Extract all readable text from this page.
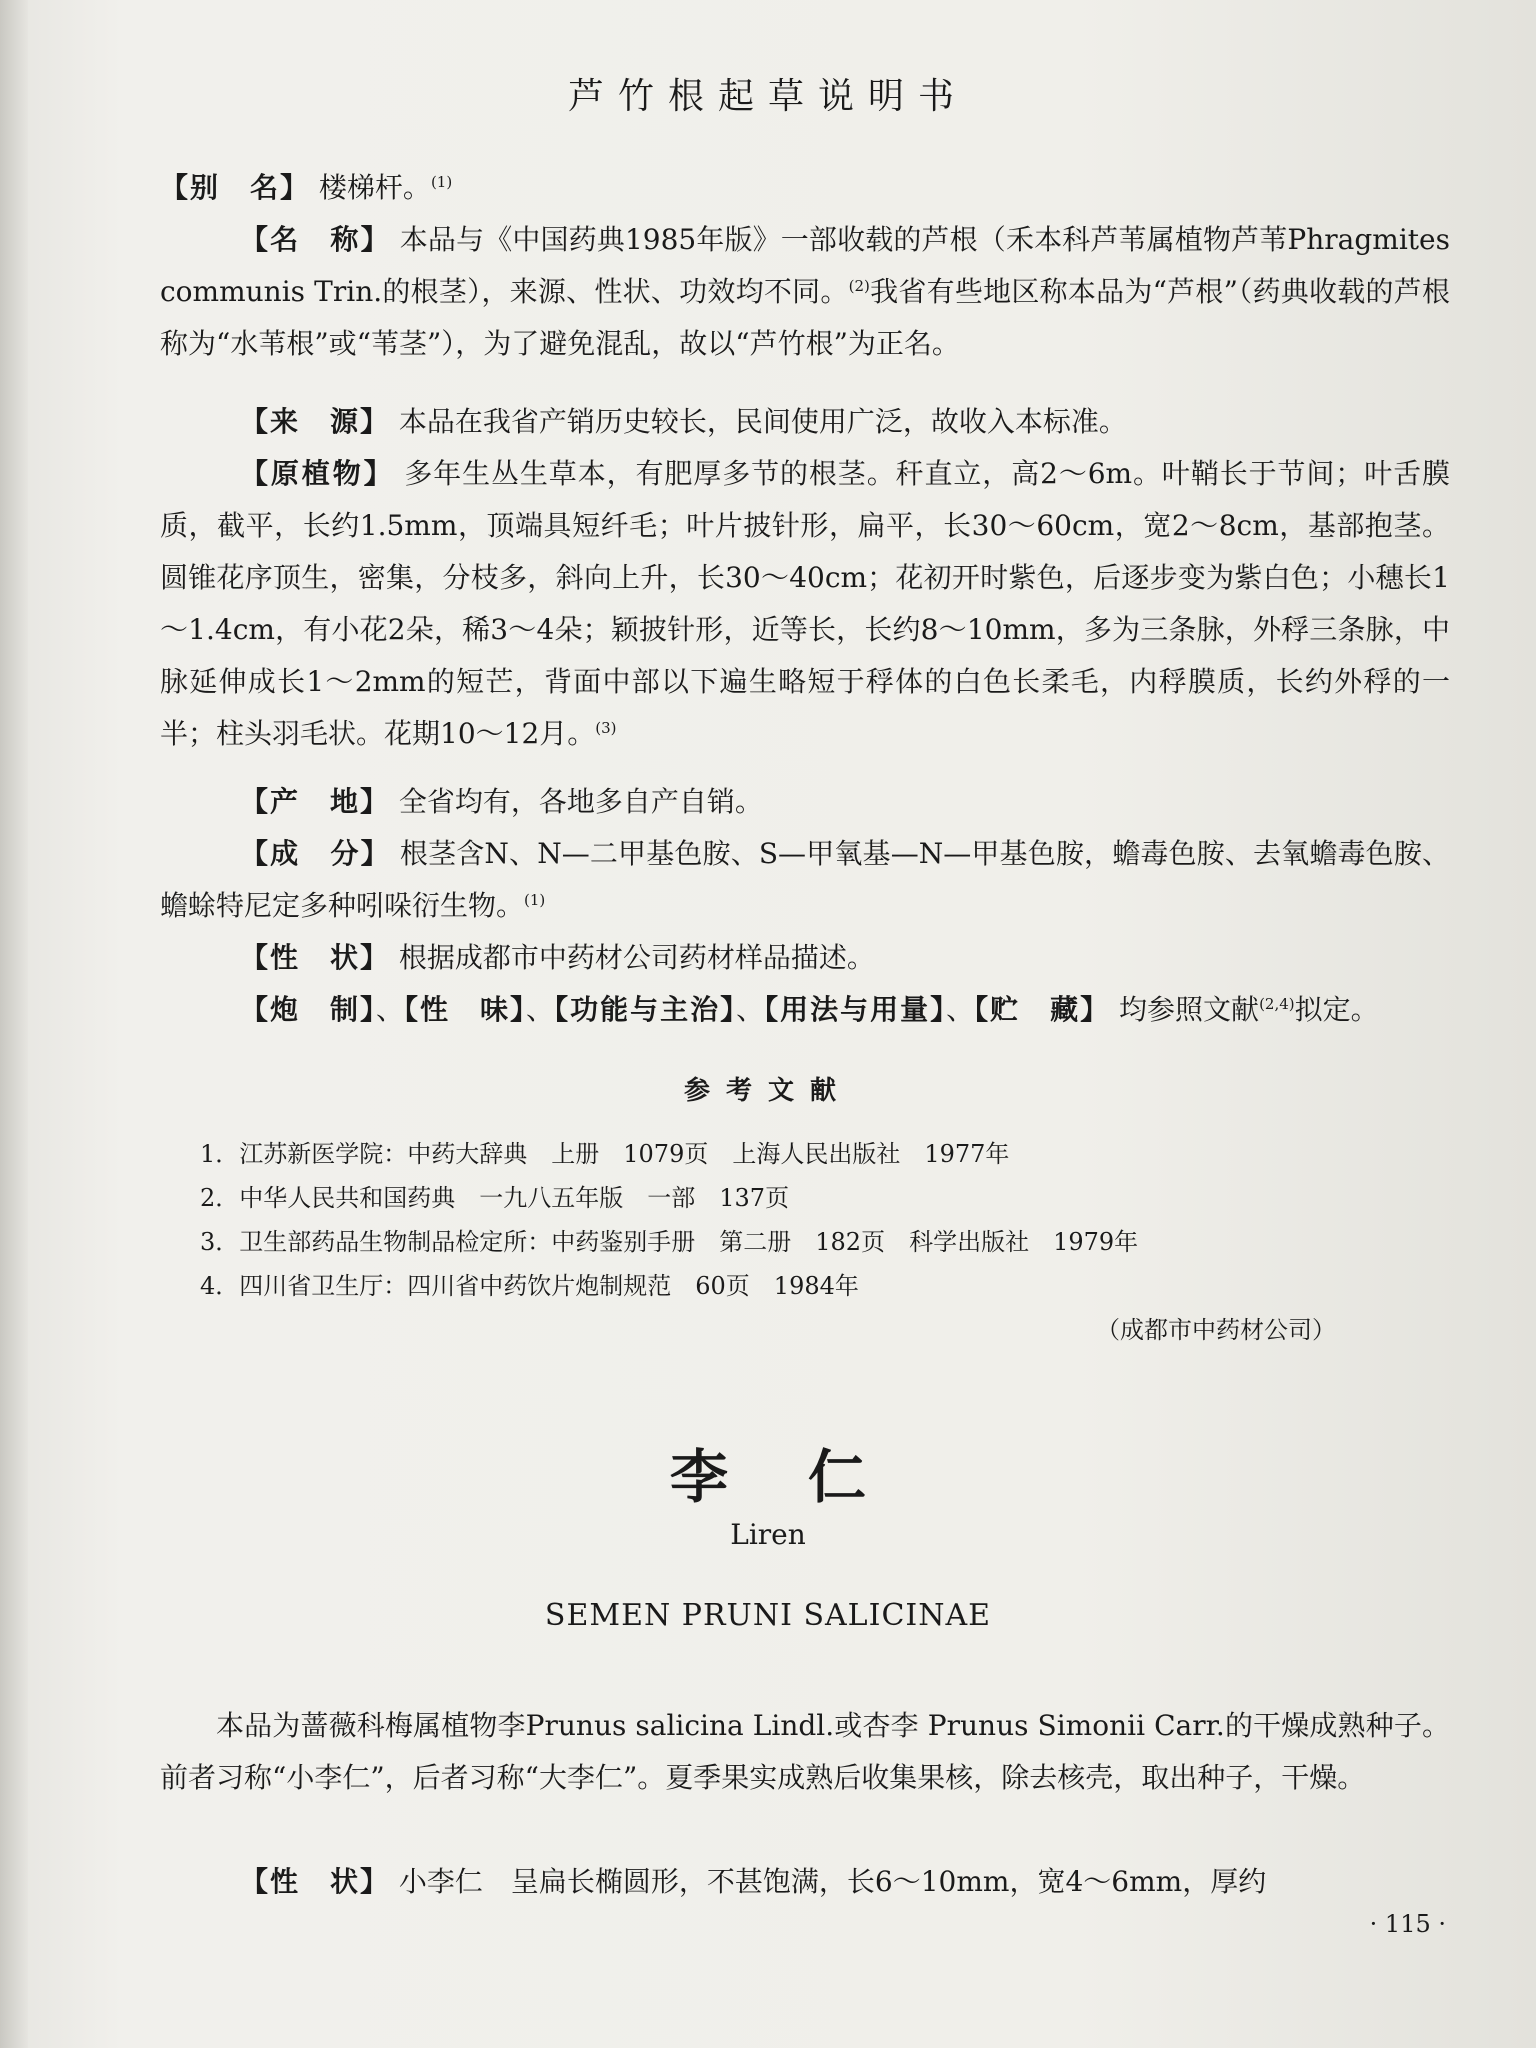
芦竹根起草说明书
【别　名】 楼梯杆。$^{(1)}$
【名　称】 本品与《中国药典1985年版》一部收载的芦根（禾本科芦苇属植物芦苇Phragmites communis Trin.的根茎），来源、性状、功效均不同。$^{(2)}$我省有些地区称本品为“芦根”（药典收载的芦根称为“水苇根”或“苇茎”），为了避免混乱，故以“芦竹根”为正名。
【来　源】 本品在我省产销历史较长，民间使用广泛，故收入本标准。
【原植物】 多年生丛生草本，有肥厚多节的根茎。秆直立，高2～6m。叶鞘长于节间；叶舌膜质，截平，长约1.5mm，顶端具短纤毛；叶片披针形，扁平，长30～60cm，宽2～8cm，基部抱茎。圆锥花序顶生，密集，分枝多，斜向上升，长30～40cm；花初开时紫色，后逐步变为紫白色；小穗长1～1.4cm，有小花2朵，稀3～4朵；颖披针形，近等长，长约8～10mm，多为三条脉，外稃三条脉，中脉延伸成长1～2mm的短芒，背面中部以下遍生略短于稃体的白色长柔毛，内稃膜质，长约外稃的一半；柱头羽毛状。花期10～12月。$^{(3)}$
【产　地】 全省均有，各地多自产自销。
【成　分】 根茎含N、N—二甲基色胺、S—甲氧基—N—甲基色胺，蟾毒色胺、去氧蟾毒色胺、蟾蜍特尼定多种吲哚衍生物。$^{(1)}$
【性　状】 根据成都市中药材公司药材样品描述。
【炮　制】、【性　味】、【功能与主治】、【用法与用量】、【贮　藏】 均参照文献$^{(2,4)}$拟定。
参考文献
1．江苏新医学院：中药大辞典　上册　1079页　上海人民出版社　1977年
2．中华人民共和国药典　一九八五年版　一部　137页
3．卫生部药品生物制品检定所：中药鉴别手册　第二册　182页　科学出版社　1979年
4．四川省卫生厅：四川省中药饮片炮制规范　60页　1984年
（成都市中药材公司）
李仁
Liren
SEMEN PRUNI SALICINAE
本品为蔷薇科梅属植物李Prunus salicina Lindl.或杏李 Prunus Simonii Carr.的干燥成熟种子。前者习称“小李仁”，后者习称“大李仁”。夏季果实成熟后收集果核，除去核壳，取出种子，干燥。
【性　状】 小李仁　呈扁长椭圆形，不甚饱满，长6～10mm，宽4～6mm，厚约
· 115 ·
